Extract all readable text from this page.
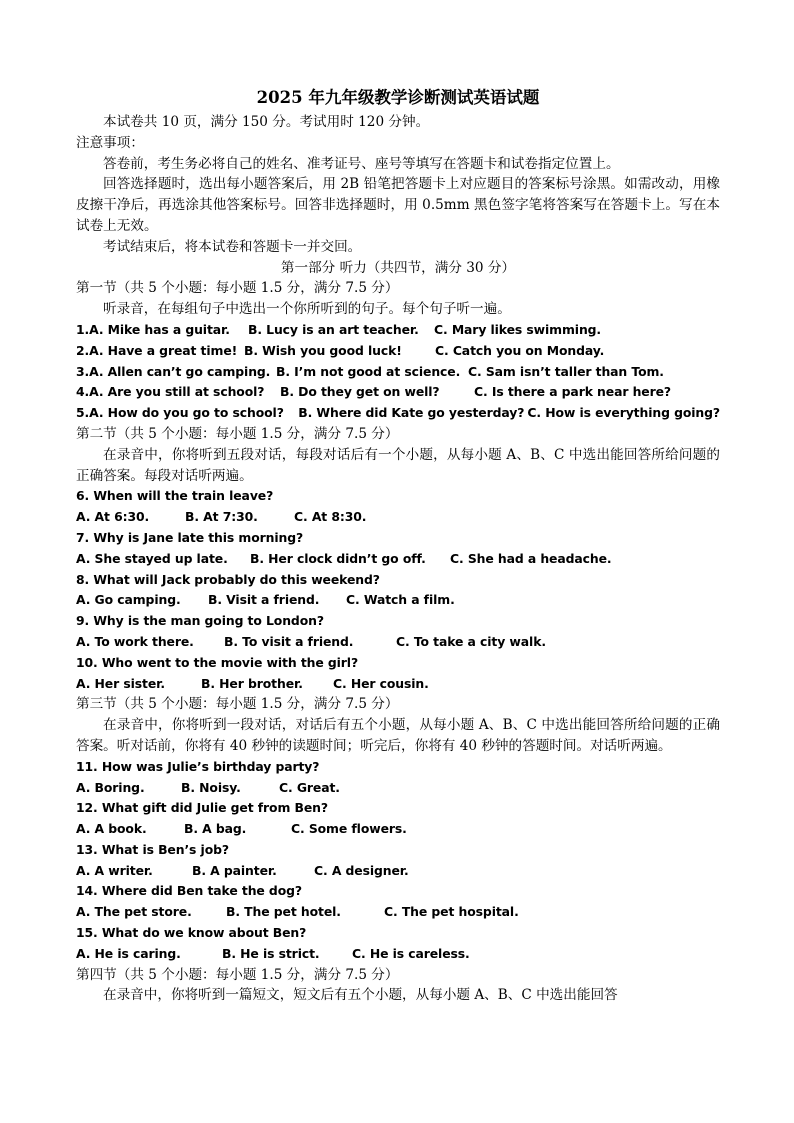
2025 年九年级教学诊断测试英语试题

本试卷共 10 页，满分 150 分。考试用时 120 分钟。

注意事项：

答卷前，考生务必将自己的姓名、准考证号、座号等填写在答题卡和试卷指定位置上。

回答选择题时，选出每小题答案后，用 2B 铅笔把答题卡上对应题目的答案标号涂黑。如需改动，用橡皮擦干净后，再选涂其他答案标号。回答非选择题时，用 0.5mm 黑色签字笔将答案写在答题卡上。写在本试卷上无效。

考试结束后，将本试卷和答题卡一并交回。

第一部分 听力（共四节，满分 30 分）

第一节（共 5 个小题：每小题 1.5 分，满分 7.5 分）

听录音，在每组句子中选出一个你所听到的句子。每个句子听一遍。

1.A. Mike has a guitar.	B. Lucy is an art teacher.	C. Mary likes swimming.
2.A. Have a great time! B. Wish you good luck!	C. Catch you on Monday.
3.A. Allen can’t go camping. B. I’m not good at science. C. Sam isn’t taller than Tom.
4.A. Are you still at school?	B. Do they get on well?	C. Is there a park near here?
5.A. How do you go to school?	B. Where did Kate go yesterday? C. How is everything going?

第二节（共 5 个小题：每小题 1.5 分，满分 7.5 分）

在录音中，你将听到五段对话，每段对话后有一个小题，从每小题 A、B、C 中选出能回答所给问题的正确答案。每段对话听两遍。

6. When will the train leave?
A. At 6:30.	B. At 7:30.	C. At 8:30.
7. Why is Jane late this morning?
A. She stayed up late.	B. Her clock didn’t go off.	C. She had a headache.
8. What will Jack probably do this weekend?
A. Go camping.	B. Visit a friend.	C. Watch a film.
9. Why is the man going to London?
A. To work there.	B. To visit a friend.	C. To take a city walk.
10. Who went to the movie with the girl?
A. Her sister.	B. Her brother.	C. Her cousin.

第三节（共 5 个小题：每小题 1.5 分，满分 7.5 分）

在录音中，你将听到一段对话，对话后有五个小题，从每小题 A、B、C 中选出能回答所给问题的正确答案。听对话前，你将有 40 秒钟的读题时间；听完后，你将有 40 秒钟的答题时间。对话听两遍。

11. How was Julie’s birthday party?
A. Boring.	B. Noisy.	C. Great.
12. What gift did Julie get from Ben?
A. A book.	B. A bag.	C. Some flowers.
13. What is Ben’s job?
A. A writer.	B. A painter.	C. A designer.
14. Where did Ben take the dog?
A. The pet store.	B. The pet hotel.	C. The pet hospital.
15. What do we know about Ben?
A. He is caring.	B. He is strict.	C. He is careless.

第四节（共 5 个小题：每小题 1.5 分，满分 7.5 分）

在录音中，你将听到一篇短文，短文后有五个小题，从每小题 A、B、C 中选出能回答
